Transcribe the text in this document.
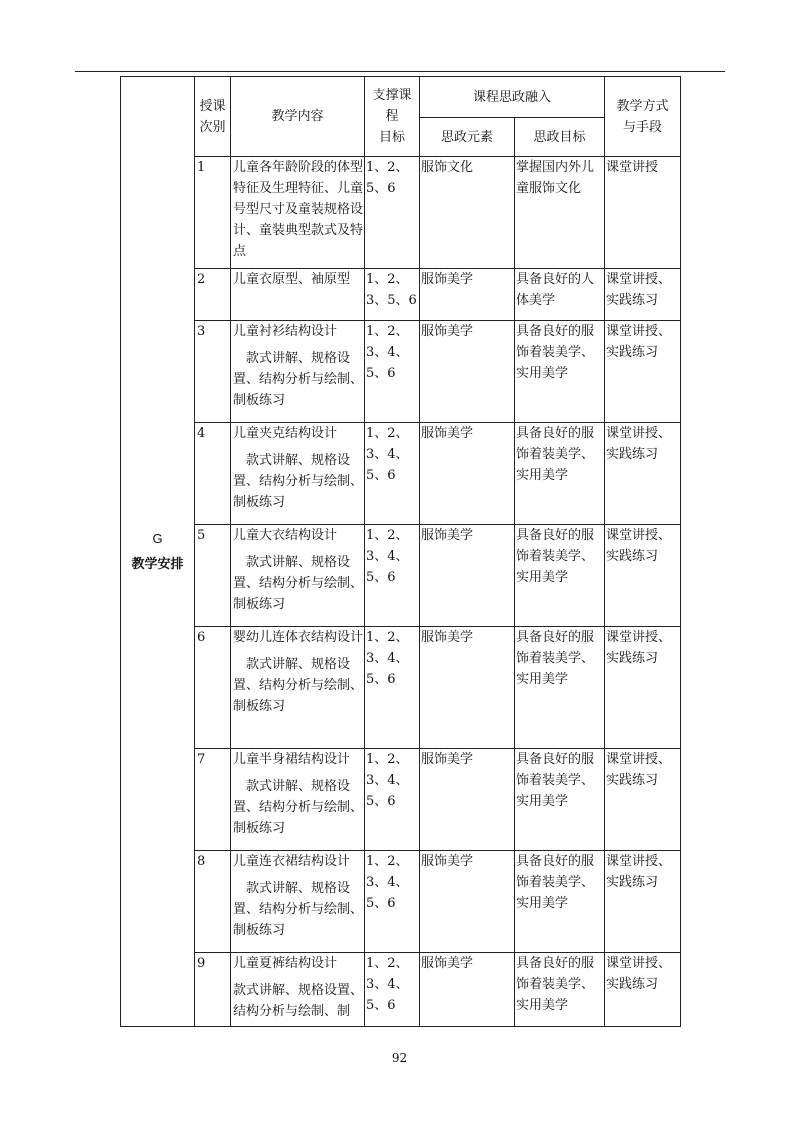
G
教学安排	授课
次别	教学内容	支撑课
程
目标	课程思政融入		教学方式
与手段

				思政元素	思政目标	

	1	儿童各年龄阶段的体型特征及生理特征、儿童号型尺寸及童装规格设计、童装典型款式及特点	1、2、5、6	服饰文化	掌握国内外儿童服饰文化	课堂讲授

	2	儿童衣原型、袖原型	1、2、3、5、6	服饰美学	具备良好的人体美学	课堂讲授、实践练习

	3	儿童衬衫结构设计
款式讲解、规格设置、结构分析与绘制、制板练习	1、2、3、4、5、6	服饰美学	具备良好的服饰着装美学、实用美学	课堂讲授、实践练习

	4	儿童夹克结构设计
款式讲解、规格设置、结构分析与绘制、制板练习	1、2、3、4、5、6	服饰美学	具备良好的服饰着装美学、实用美学	课堂讲授、实践练习

	5	儿童大衣结构设计
款式讲解、规格设置、结构分析与绘制、制板练习	1、2、3、4、5、6	服饰美学	具备良好的服饰着装美学、实用美学	课堂讲授、实践练习

	6	婴幼儿连体衣结构设计
款式讲解、规格设置、结构分析与绘制、制板练习	1、2、3、4、5、6	服饰美学	具备良好的服饰着装美学、实用美学	课堂讲授、实践练习

	7	儿童半身裙结构设计
款式讲解、规格设置、结构分析与绘制、制板练习	1、2、3、4、5、6	服饰美学	具备良好的服饰着装美学、实用美学	课堂讲授、实践练习

	8	儿童连衣裙结构设计
款式讲解、规格设置、结构分析与绘制、制板练习	1、2、3、4、5、6	服饰美学	具备良好的服饰着装美学、实用美学	课堂讲授、实践练习

	9	儿童夏裤结构设计
款式讲解、规格设置、结构分析与绘制、制	1、2、3、4、5、6	服饰美学	具备良好的服饰着装美学、实用美学	课堂讲授、实践练习
92
